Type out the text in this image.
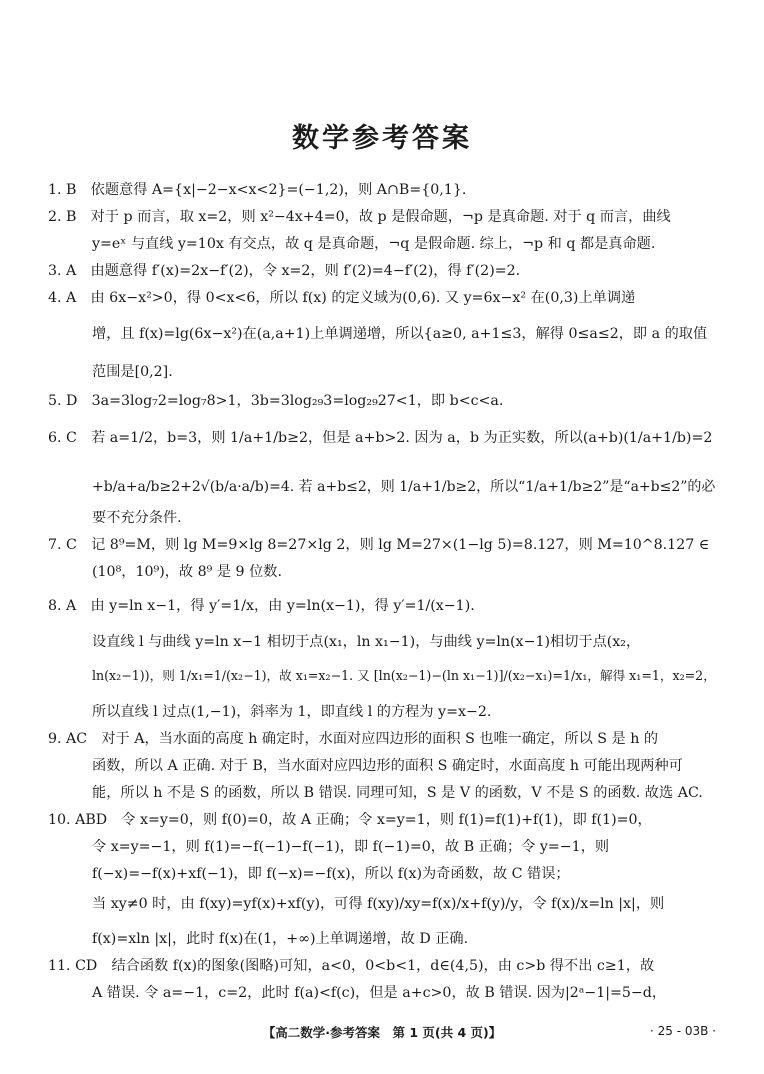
数学参考答案
1. B　依题意得 A={x|−2−x<x<2}=(−1,2)，则 A∩B={0,1}.
2. B　对于 p 而言，取 x=2，则 x²−4x+4=0，故 p 是假命题，¬p 是真命题. 对于 q 而言，曲线
y=eˣ 与直线 y=10x 有交点，故 q 是真命题，¬q 是假命题. 综上，¬p 和 q 都是真命题.
3. A　由题意得 f′(x)=2x−f′(2)，令 x=2，则 f′(2)=4−f′(2)，得 f′(2)=2.
4. A　由 6x−x²>0，得 0<x<6，所以 f(x) 的定义域为(0,6). 又 y=6x−x² 在(0,3)上单调递
增，且 f(x)=lg(6x−x²)在(a,a+1)上单调递增，所以{a≥0, a+1≤3，解得 0≤a≤2，即 a 的取值
范围是[0,2].
5. D　3a=3log₇2=log₇8>1，3b=3log₂₉3=log₂₉27<1，即 b<c<a.
6. C　若 a=1/2，b=3，则 1/a+1/b≥2，但是 a+b>2. 因为 a，b 为正实数，所以(a+b)(1/a+1/b)=2
+b/a+a/b≥2+2√(b/a·a/b)=4. 若 a+b≤2，则 1/a+1/b≥2，所以“1/a+1/b≥2”是“a+b≤2”的必
要不充分条件.
7. C　记 8⁹=M，则 lg M=9×lg 8=27×lg 2，则 lg M=27×(1−lg 5)=8.127，则 M=10^8.127 ∈
(10⁸，10⁹)，故 8⁹ 是 9 位数.
8. A　由 y=ln x−1，得 y′=1/x，由 y=ln(x−1)，得 y′=1/(x−1).
设直线 l 与曲线 y=ln x−1 相切于点(x₁，ln x₁−1)，与曲线 y=ln(x−1)相切于点(x₂，
ln(x₂−1))，则 1/x₁=1/(x₂−1)，故 x₁=x₂−1. 又 [ln(x₂−1)−(ln x₁−1)]/(x₂−x₁)=1/x₁，解得 x₁=1，x₂=2，
所以直线 l 过点(1,−1)，斜率为 1，即直线 l 的方程为 y=x−2.
9. AC　对于 A，当水面的高度 h 确定时，水面对应四边形的面积 S 也唯一确定，所以 S 是 h 的
函数，所以 A 正确. 对于 B，当水面对应四边形的面积 S 确定时，水面高度 h 可能出现两种可
能，所以 h 不是 S 的函数，所以 B 错误. 同理可知，S 是 V 的函数，V 不是 S 的函数. 故选 AC.
10. ABD　令 x=y=0，则 f(0)=0，故 A 正确；令 x=y=1，则 f(1)=f(1)+f(1)，即 f(1)=0，
令 x=y=−1，则 f(1)=−f(−1)−f(−1)，即 f(−1)=0，故 B 正确；令 y=−1，则
f(−x)=−f(x)+xf(−1)，即 f(−x)=−f(x)，所以 f(x)为奇函数，故 C 错误；
当 xy≠0 时，由 f(xy)=yf(x)+xf(y)，可得 f(xy)/xy=f(x)/x+f(y)/y，令 f(x)/x=ln |x|，则
f(x)=xln |x|，此时 f(x)在(1，+∞)上单调递增，故 D 正确.
11. CD　结合函数 f(x)的图象(图略)可知，a<0，0<b<1，d∈(4,5)，由 c>b 得不出 c≥1，故
A 错误. 令 a=−1，c=2，此时 f(a)<f(c)，但是 a+c>0，故 B 错误. 因为|2ᵃ−1|=5−d，
【高二数学·参考答案　第 1 页(共 4 页)】	· 25 - 03B ·
